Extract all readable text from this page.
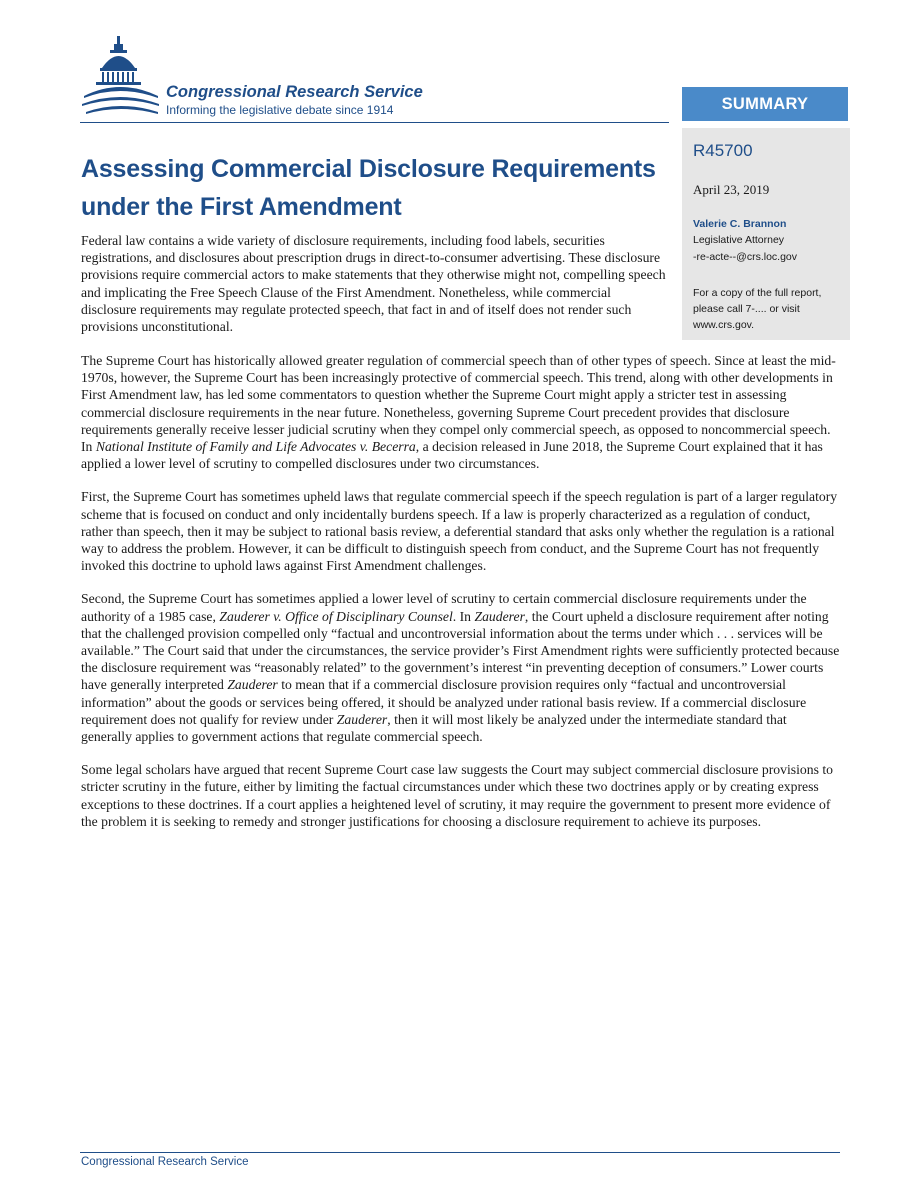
Congressional Research Service
Informing the legislative debate since 1914	SUMMARY
R45700
April 23, 2019
Valerie C. Brannon
Legislative Attorney
-re-acte--@crs.loc.gov
For a copy of the full report, please call 7-.... or visit www.crs.gov.
Assessing Commercial Disclosure Requirements under the First Amendment

Federal law contains a wide variety of disclosure requirements, including food labels, securities registrations, and disclosures about prescription drugs in direct-to-consumer advertising. These disclosure provisions require commercial actors to make statements that they otherwise might not, compelling speech and implicating the Free Speech Clause of the First Amendment. Nonetheless, while commercial disclosure requirements may regulate protected speech, that fact in and of itself does not render such provisions unconstitutional.

The Supreme Court has historically allowed greater regulation of commercial speech than of other types of speech. Since at least the mid-1970s, however, the Supreme Court has been increasingly protective of commercial speech. This trend, along with other developments in First Amendment law, has led some commentators to question whether the Supreme Court might apply a stricter test in assessing commercial disclosure requirements in the near future. Nonetheless, governing Supreme Court precedent provides that disclosure requirements generally receive lesser judicial scrutiny when they compel only commercial speech, as opposed to noncommercial speech. In National Institute of Family and Life Advocates v. Becerra, a decision released in June 2018, the Supreme Court explained that it has applied a lower level of scrutiny to compelled disclosures under two circumstances.

First, the Supreme Court has sometimes upheld laws that regulate commercial speech if the speech regulation is part of a larger regulatory scheme that is focused on conduct and only incidentally burdens speech. If a law is properly characterized as a regulation of conduct, rather than speech, then it may be subject to rational basis review, a deferential standard that asks only whether the regulation is a rational way to address the problem. However, it can be difficult to distinguish speech from conduct, and the Supreme Court has not frequently invoked this doctrine to uphold laws against First Amendment challenges.

Second, the Supreme Court has sometimes applied a lower level of scrutiny to certain commercial disclosure requirements under the authority of a 1985 case, Zauderer v. Office of Disciplinary Counsel. In Zauderer, the Court upheld a disclosure requirement after noting that the challenged provision compelled only “factual and uncontroversial information about the terms under which . . . services will be available.” The Court said that under the circumstances, the service provider’s First Amendment rights were sufficiently protected because the disclosure requirement was “reasonably related” to the government’s interest “in preventing deception of consumers.” Lower courts have generally interpreted Zauderer to mean that if a commercial disclosure provision requires only “factual and uncontroversial information” about the goods or services being offered, it should be analyzed under rational basis review. If a commercial disclosure requirement does not qualify for review under Zauderer, then it will most likely be analyzed under the intermediate standard that generally applies to government actions that regulate commercial speech.

Some legal scholars have argued that recent Supreme Court case law suggests the Court may subject commercial disclosure provisions to stricter scrutiny in the future, either by limiting the factual circumstances under which these two doctrines apply or by creating express exceptions to these doctrines. If a court applies a heightened level of scrutiny, it may require the government to present more evidence of the problem it is seeking to remedy and stronger justifications for choosing a disclosure requirement to achieve its purposes.

Congressional Research Service
